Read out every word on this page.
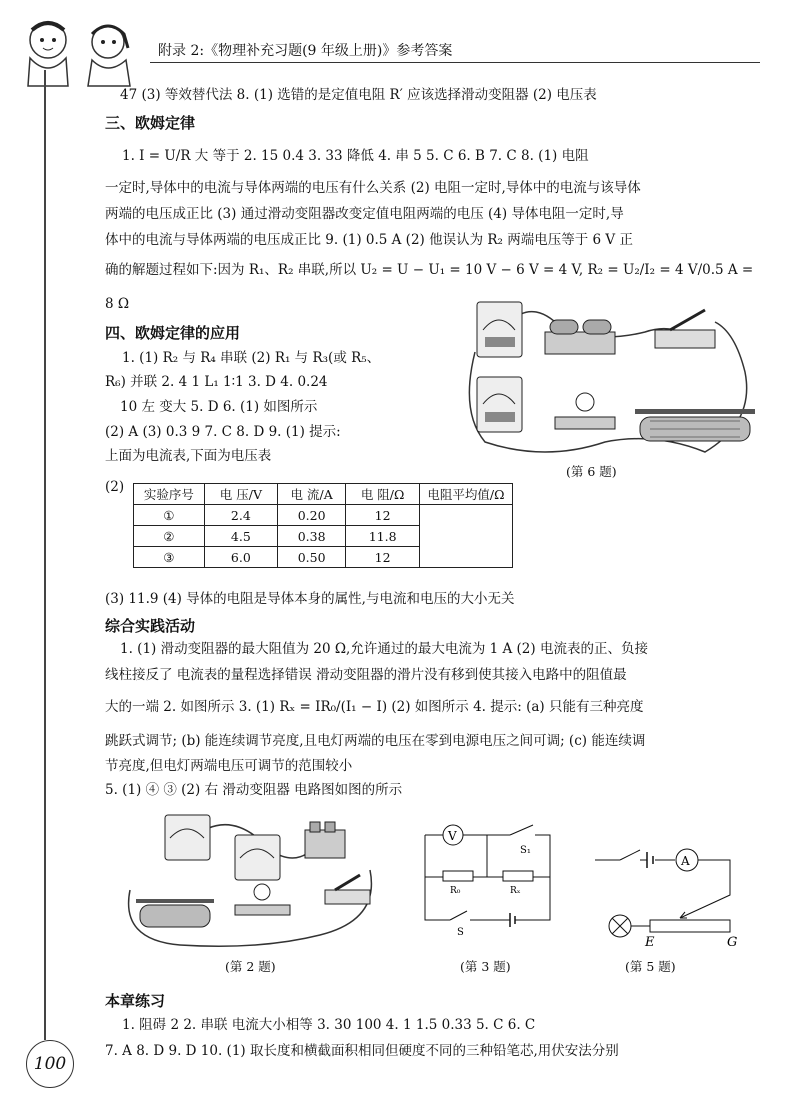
附录 2:《物理补充习题(9 年级上册)》参考答案
47 (3) 等效替代法 8. (1) 选错的是定值电阻 R′ 应该选择滑动变阻器 (2) 电压表
三、欧姆定律
1. I = U/R 大 等于 2. 15 0.4 3. 33 降低 4. 串 5 5. C 6. B 7. C 8. (1) 电阻
一定时,导体中的电流与导体两端的电压有什么关系 (2) 电阻一定时,导体中的电流与该导体
两端的电压成正比 (3) 通过滑动变阻器改变定值电阻两端的电压 (4) 导体电阻一定时,导
体中的电流与导体两端的电压成正比 9. (1) 0.5 A (2) 他误认为 R₂ 两端电压等于 6 V 正
确的解题过程如下:因为 R₁、R₂ 串联,所以 U₂ = U − U₁ = 10 V − 6 V = 4 V, R₂ = U₂/I₂ = 4 V/0.5 A =
8 Ω
四、欧姆定律的应用
1. (1) R₂ 与 R₄ 串联 (2) R₁ 与 R₃(或 R₅、
R₆) 并联 2. 4 1 L₁ 1∶1 3. D 4. 0.24
10 左 变大 5. D 6. (1) 如图所示
(2) A (3) 0.3 9 7. C 8. D 9. (1) 提示:
上面为电流表,下面为电压表
(2)
(第 6 题)
实验序号	电 压/V	电 流/A	电 阻/Ω	电阻平均值/Ω
①	2.4	0.20	12	
②	4.5	0.38	11.8	
③	6.0	0.50	12	
(3) 11.9 (4) 导体的电阻是导体本身的属性,与电流和电压的大小无关
综合实践活动
1. (1) 滑动变阻器的最大阻值为 20 Ω,允许通过的最大电流为 1 A (2) 电流表的正、负接
线柱接反了 电流表的量程选择错误 滑动变阻器的滑片没有移到使其接入电路中的阻值最
大的一端 2. 如图所示 3. (1) Rₓ = IR₀/(I₁ − I) (2) 如图所示 4. 提示: (a) 只能有三种亮度
跳跃式调节; (b) 能连续调节亮度,且电灯两端的电压在零到电源电压之间可调; (c) 能连续调
节亮度,但电灯两端电压可调节的范围较小
5. (1) ④ ③ (2) 右 滑动变阻器 电路图如图的所示
(第 2 题)
V
S₁
R₀	Rₓ
S
(第 3 题)
A
E	G
(第 5 题)
本章练习
1. 阻碍 2 2. 串联 电流大小相等 3. 30 100 4. 1 1.5 0.33 5. C 6. C
7. A 8. D 9. D 10. (1) 取长度和横截面积相同但硬度不同的三种铅笔芯,用伏安法分别
100
